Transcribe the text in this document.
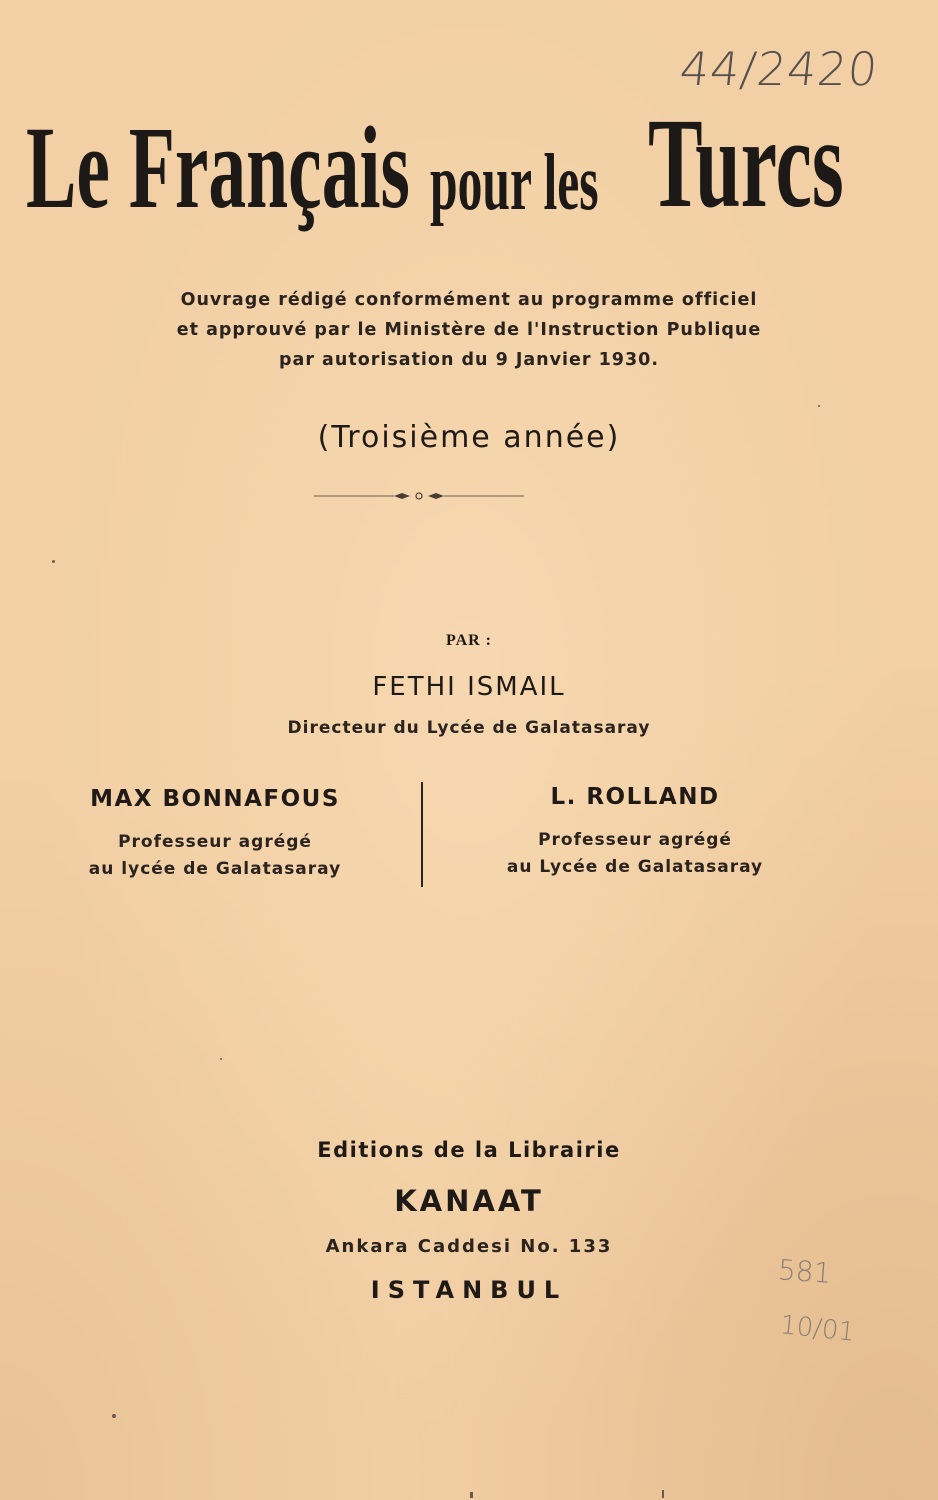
44/2420
Le Français pour les Turcs
Ouvrage rédigé conformément au programme officiel
et approuvé par le Ministère de l'Instruction Publique
par autorisation du 9 Janvier 1930.
(Troisième année)
PAR :
FETHI ISMAIL
Directeur du Lycée de Galatasaray
MAX BONNAFOUS
Professeur agrégé
au lycée de Galatasaray
L. ROLLAND
Professeur agrégé
au Lycée de Galatasaray
Editions de la Librairie
KANAAT
Ankara Caddesi No. 133
ISTANBUL
581
10/01
